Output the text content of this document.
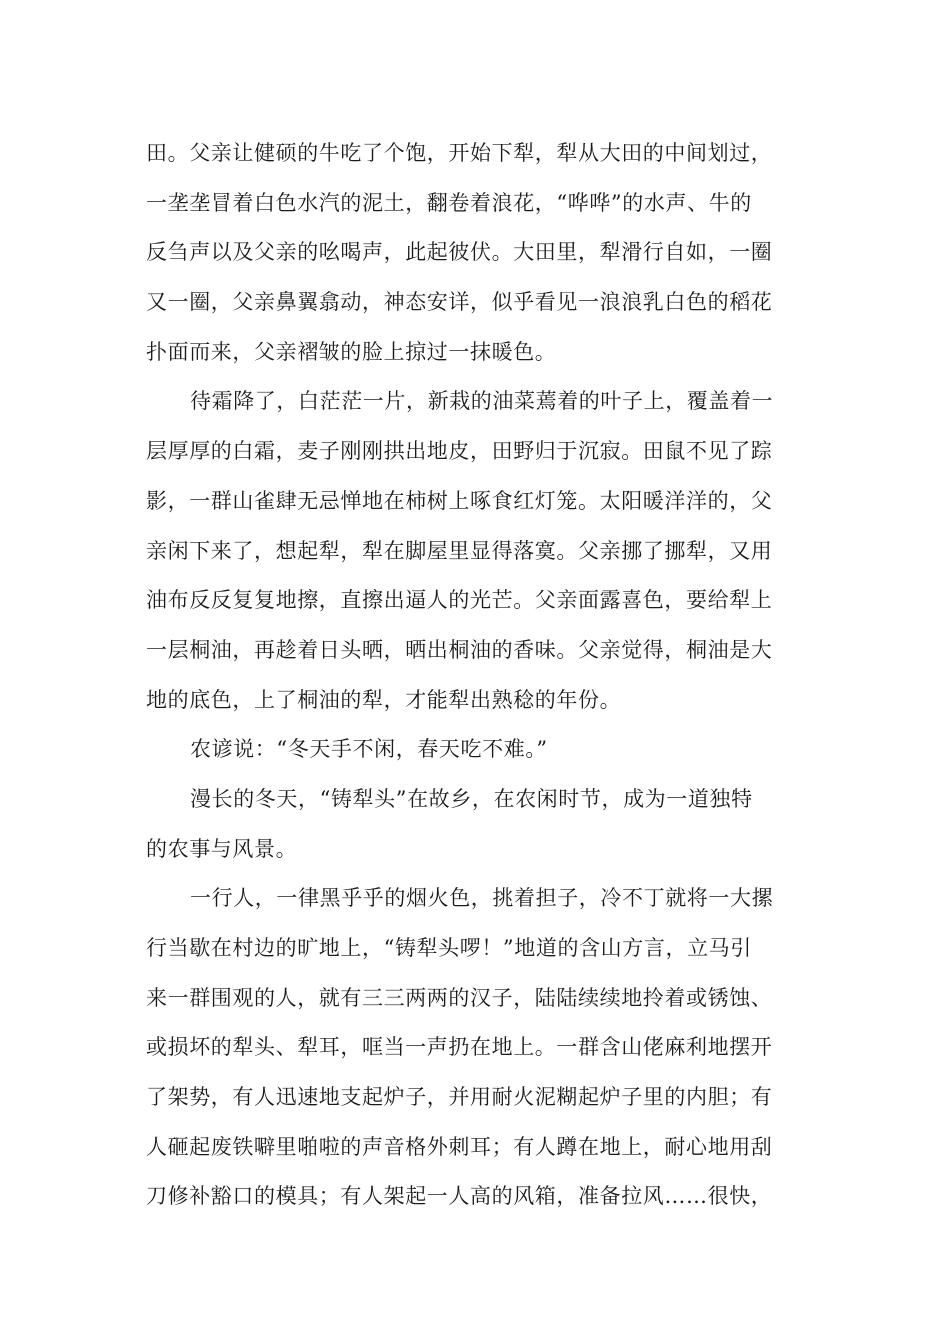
田。父亲让健硕的牛吃了个饱，开始下犁，犁从大田的中间划过，
一垄垄冒着白色水汽的泥土，翻卷着浪花，“哗哗”的水声、牛的
反刍声以及父亲的吆喝声，此起彼伏。大田里，犁滑行自如，一圈
又一圈，父亲鼻翼翕动，神态安详，似乎看见一浪浪乳白色的稻花
扑面而来，父亲褶皱的脸上掠过一抹暖色。
待霜降了，白茫茫一片，新栽的油菜蔫着的叶子上，覆盖着一
层厚厚的白霜，麦子刚刚拱出地皮，田野归于沉寂。田鼠不见了踪
影，一群山雀肆无忌惮地在柿树上啄食红灯笼。太阳暖洋洋的，父
亲闲下来了，想起犁，犁在脚屋里显得落寞。父亲挪了挪犁，又用
油布反反复复地擦，直擦出逼人的光芒。父亲面露喜色，要给犁上
一层桐油，再趁着日头晒，晒出桐油的香味。父亲觉得，桐油是大
地的底色，上了桐油的犁，才能犁出熟稔的年份。
农谚说：“冬天手不闲，春天吃不难。”
漫长的冬天，“铸犁头”在故乡，在农闲时节，成为一道独特
的农事与风景。
一行人，一律黑乎乎的烟火色，挑着担子，冷不丁就将一大摞
行当歇在村边的旷地上，“铸犁头啰！”地道的含山方言，立马引
来一群围观的人，就有三三两两的汉子，陆陆续续地拎着或锈蚀、
或损坏的犁头、犁耳，哐当一声扔在地上。一群含山佬麻利地摆开
了架势，有人迅速地支起炉子，并用耐火泥糊起炉子里的内胆；有
人砸起废铁噼里啪啦的声音格外刺耳；有人蹲在地上，耐心地用刮
刀修补豁口的模具；有人架起一人高的风箱，准备拉风……很快，
